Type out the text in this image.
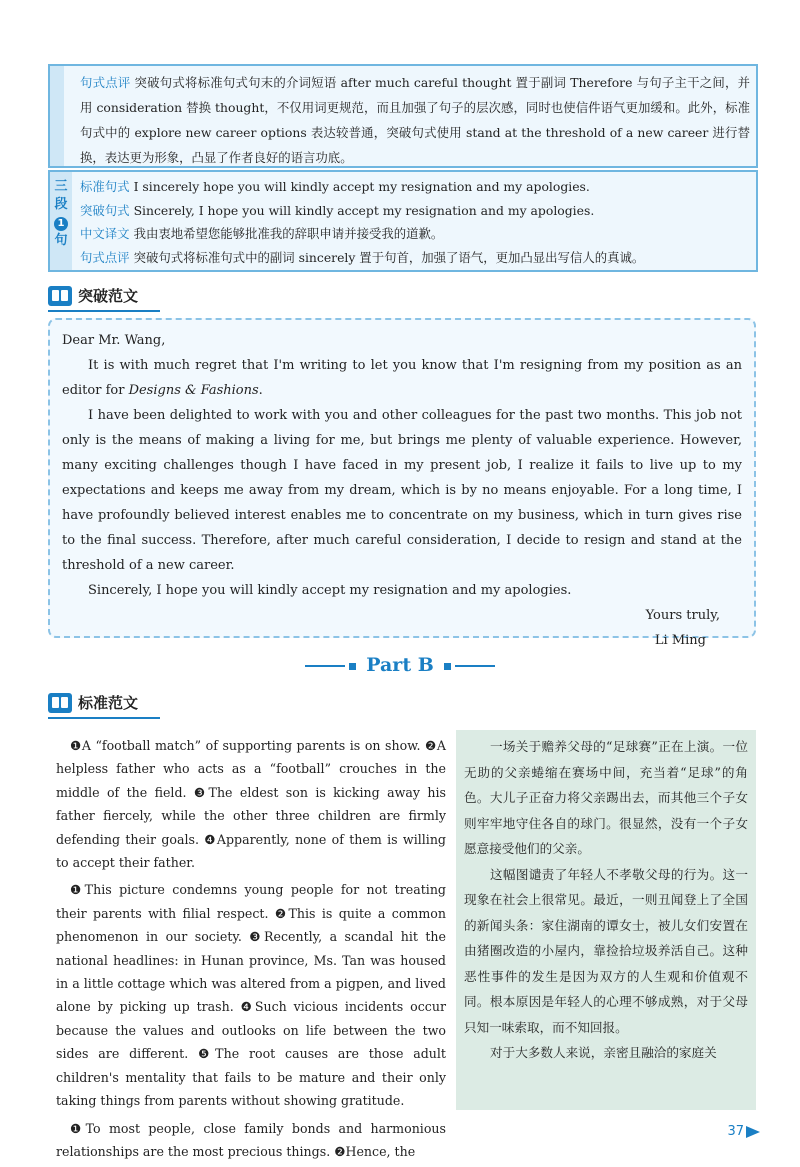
句式点评 突破句式将标准句式句末的介词短语 after much careful thought 置于副词 Therefore 与句子主干之间，并用 consideration 替换 thought，不仅用词更规范，而且加强了句子的层次感，同时也使信件语气更加缓和。此外，标准句式中的 explore new career options 表达较普通，突破句式使用 stand at the threshold of a new career 进行替换，表达更为形象，凸显了作者良好的语言功底。
三
段
1
句
标准句式 I sincerely hope you will kindly accept my resignation and my apologies.
突破句式 Sincerely, I hope you will kindly accept my resignation and my apologies.
中文译文 我由衷地希望您能够批准我的辞职申请并接受我的道歉。
句式点评 突破句式将标准句式中的副词 sincerely 置于句首，加强了语气，更加凸显出写信人的真诚。
突破范文

Dear Mr. Wang,

It is with much regret that I'm writing to let you know that I'm resigning from my position as an editor for Designs & Fashions.

I have been delighted to work with you and other colleagues for the past two months. This job not only is the means of making a living for me, but brings me plenty of valuable experience. However, many exciting challenges though I have faced in my present job, I realize it fails to live up to my expectations and keeps me away from my dream, which is by no means enjoyable. For a long time, I have profoundly believed interest enables me to concentrate on my business, which in turn gives rise to the final success. Therefore, after much careful consideration, I decide to resign and stand at the threshold of a new career.

Sincerely, I hope you will kindly accept my resignation and my apologies.

Yours truly,

Li Ming

Part B
标准范文

❶A “football match” of supporting parents is on show. ❷A helpless father who acts as a “football” crouches in the middle of the field. ❸The eldest son is kicking away his father fiercely, while the other three children are firmly defending their goals. ❹Apparently, none of them is willing to accept their father.

❶This picture condemns young people for not treating their parents with filial respect. ❷This is quite a common phenomenon in our society. ❸Recently, a scandal hit the national headlines: in Hunan province, Ms. Tan was housed in a little cottage which was altered from a pigpen, and lived alone by picking up trash. ❹Such vicious incidents occur because the values and outlooks on life between the two sides are different. ❺The root causes are those adult children's mentality that fails to be mature and their only taking things from parents without showing gratitude.

❶To most people, close family bonds and harmonious relationships are the most precious things. ❷Hence, the

一场关于赡养父母的“足球赛”正在上演。一位无助的父亲蜷缩在赛场中间，充当着“足球”的角色。大儿子正奋力将父亲踢出去，而其他三个子女则牢牢地守住各自的球门。很显然，没有一个子女愿意接受他们的父亲。

这幅图谴责了年轻人不孝敬父母的行为。这一现象在社会上很常见。最近，一则丑闻登上了全国的新闻头条：家住湖南的谭女士，被儿女们安置在由猪圈改造的小屋内，靠捡拾垃圾养活自己。这种恶性事件的发生是因为双方的人生观和价值观不同。根本原因是年轻人的心理不够成熟，对于父母只知一味索取，而不知回报。

对于大多数人来说，亲密且融洽的家庭关

37
